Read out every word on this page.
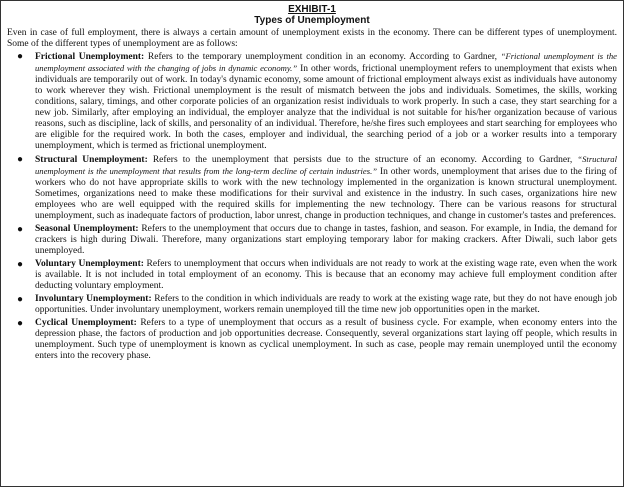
EXHIBIT-1

Types of Unemployment

Even in case of full employment, there is always a certain amount of unemployment exists in the economy. There can be different types of unemployment. Some of the different types of unemployment are as follows:

● Frictional Unemployment: Refers to the temporary unemployment condition in an economy. According to Gardner, “Frictional unemployment is the unemployment associated with the changing of jobs in dynamic economy.” In other words, frictional unemployment refers to unemployment that exists when individuals are temporarily out of work. In today's dynamic economy, some amount of frictional employment always exist as individuals have autonomy to work wherever they wish. Frictional unemployment is the result of mismatch between the jobs and individuals. Sometimes, the skills, working conditions, salary, timings, and other corporate policies of an organization resist individuals to work properly. In such a case, they start searching for a new job. Similarly, after employing an individual, the employer analyze that the individual is not suitable for his/her organization because of various reasons, such as discipline, lack of skills, and personality of an individual. Therefore, he/she fires such employees and start searching for employees who are eligible for the required work. In both the cases, employer and individual, the searching period of a job or a worker results into a temporary unemployment, which is termed as frictional unemployment.
● Structural Unemployment: Refers to the unemployment that persists due to the structure of an economy. According to Gardner, “Structural unemployment is the unemployment that results from the long-term decline of certain industries.” In other words, unemployment that arises due to the firing of workers who do not have appropriate skills to work with the new technology implemented in the organization is known structural unemployment. Sometimes, organizations need to make these modifications for their survival and existence in the industry. In such cases, organizations hire new employees who are well equipped with the required skills for implementing the new technology. There can be various reasons for structural unemployment, such as inadequate factors of production, labor unrest, change in production techniques, and change in customer's tastes and preferences.
● Seasonal Unemployment: Refers to the unemployment that occurs due to change in tastes, fashion, and season. For example, in India, the demand for crackers is high during Diwali. Therefore, many organizations start employing temporary labor for making crackers. After Diwali, such labor gets unemployed.
● Voluntary Unemployment: Refers to unemployment that occurs when individuals are not ready to work at the existing wage rate, even when the work is available. It is not included in total employment of an economy. This is because that an economy may achieve full employment condition after deducting voluntary employment.
● Involuntary Unemployment: Refers to the condition in which individuals are ready to work at the existing wage rate, but they do not have enough job opportunities. Under involuntary unemployment, workers remain unemployed till the time new job opportunities open in the market.
● Cyclical Unemployment: Refers to a type of unemployment that occurs as a result of business cycle. For example, when economy enters into the depression phase, the factors of production and job opportunities decrease. Consequently, several organizations start laying off people, which results in unemployment. Such type of unemployment is known as cyclical unemployment. In such as case, people may remain unemployed until the economy enters into the recovery phase.
